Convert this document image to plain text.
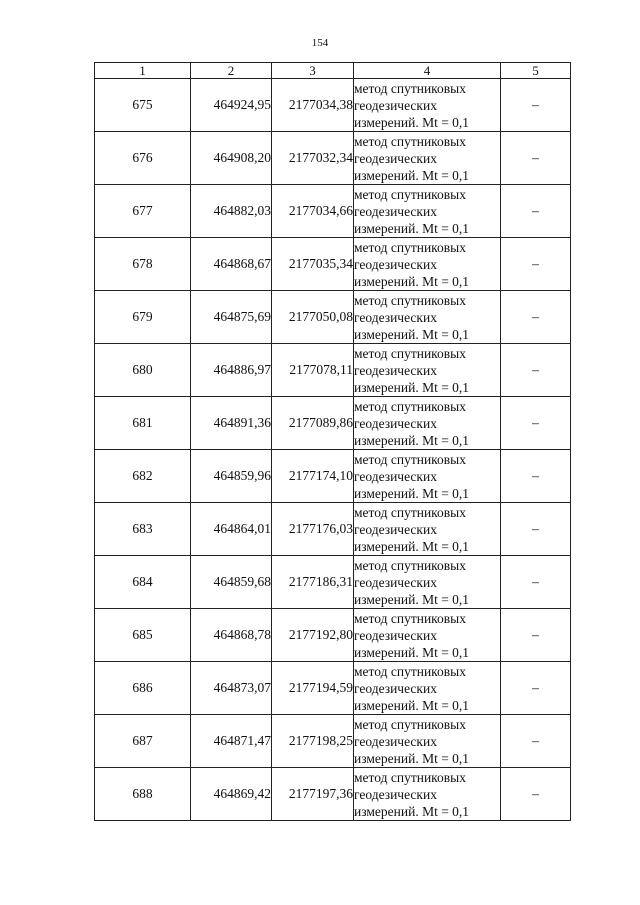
154
1	2	3	4	5
675	464924,95	2177034,38	метод спутниковых
геодезических
измерений. Mt = 0,1	–
676	464908,20	2177032,34	метод спутниковых
геодезических
измерений. Mt = 0,1	–
677	464882,03	2177034,66	метод спутниковых
геодезических
измерений. Mt = 0,1	–
678	464868,67	2177035,34	метод спутниковых
геодезических
измерений. Mt = 0,1	–
679	464875,69	2177050,08	метод спутниковых
геодезических
измерений. Mt = 0,1	–
680	464886,97	2177078,11	метод спутниковых
геодезических
измерений. Mt = 0,1	–
681	464891,36	2177089,86	метод спутниковых
геодезических
измерений. Mt = 0,1	–
682	464859,96	2177174,10	метод спутниковых
геодезических
измерений. Mt = 0,1	–
683	464864,01	2177176,03	метод спутниковых
геодезических
измерений. Mt = 0,1	–
684	464859,68	2177186,31	метод спутниковых
геодезических
измерений. Mt = 0,1	–
685	464868,78	2177192,80	метод спутниковых
геодезических
измерений. Mt = 0,1	–
686	464873,07	2177194,59	метод спутниковых
геодезических
измерений. Mt = 0,1	–
687	464871,47	2177198,25	метод спутниковых
геодезических
измерений. Mt = 0,1	–
688	464869,42	2177197,36	метод спутниковых
геодезических
измерений. Mt = 0,1	–
